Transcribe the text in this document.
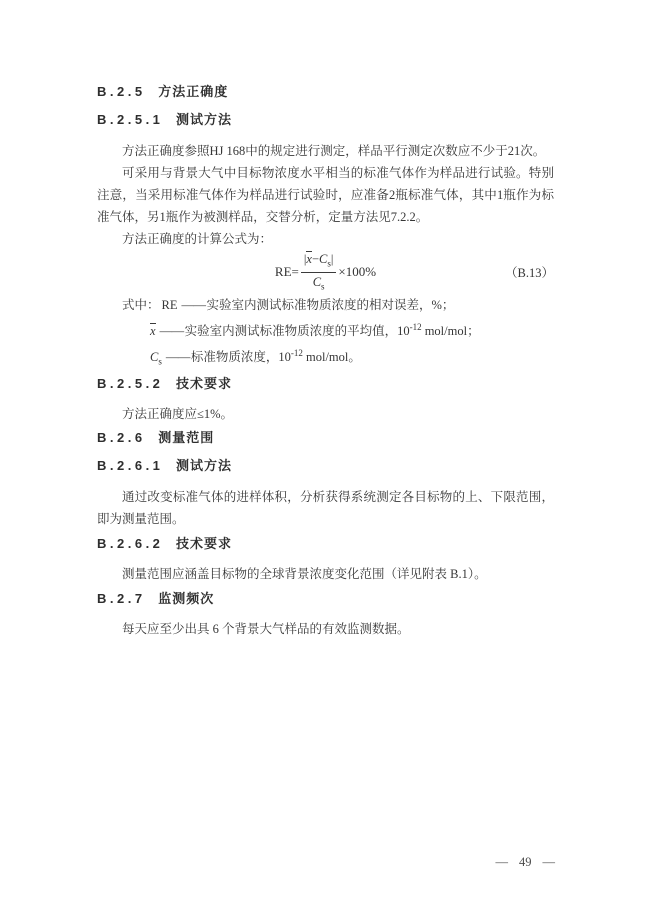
B.2.5 方法正确度
B.2.5.1 测试方法

方法正确度参照HJ 168中的规定进行测定，样品平行测定次数应不少于21次。

可采用与背景大气中目标物浓度水平相当的标准气体作为样品进行试验。特别注意，当采用标准气体作为样品进行试验时，应准备2瓶标准气体，其中1瓶作为标准气体，另1瓶作为被测样品，交替分析，定量方法见7.2.2。

方法正确度的计算公式为：

$RE= \frac{|x-C_s|}{C_s} \times 100\%$	（B.13）
式中： RE ——实验室内测试标准物质浓度的相对误差，%；
x ——实验室内测试标准物质浓度的平均值，$10^{-12}$ mol/mol；
$C_s$ ——标准物质浓度，$10^{-12}$ mol/mol。
B.2.5.2 技术要求

方法正确度应≤1%。

B.2.6 测量范围
B.2.6.1 测试方法

通过改变标准气体的进样体积，分析获得系统测定各目标物的上、下限范围，即为测量范围。

B.2.6.2 技术要求

测量范围应涵盖目标物的全球背景浓度变化范围（详见附表 B.1）。

B.2.7 监测频次

每天应至少出具 6 个背景大气样品的有效监测数据。

— 49 —
